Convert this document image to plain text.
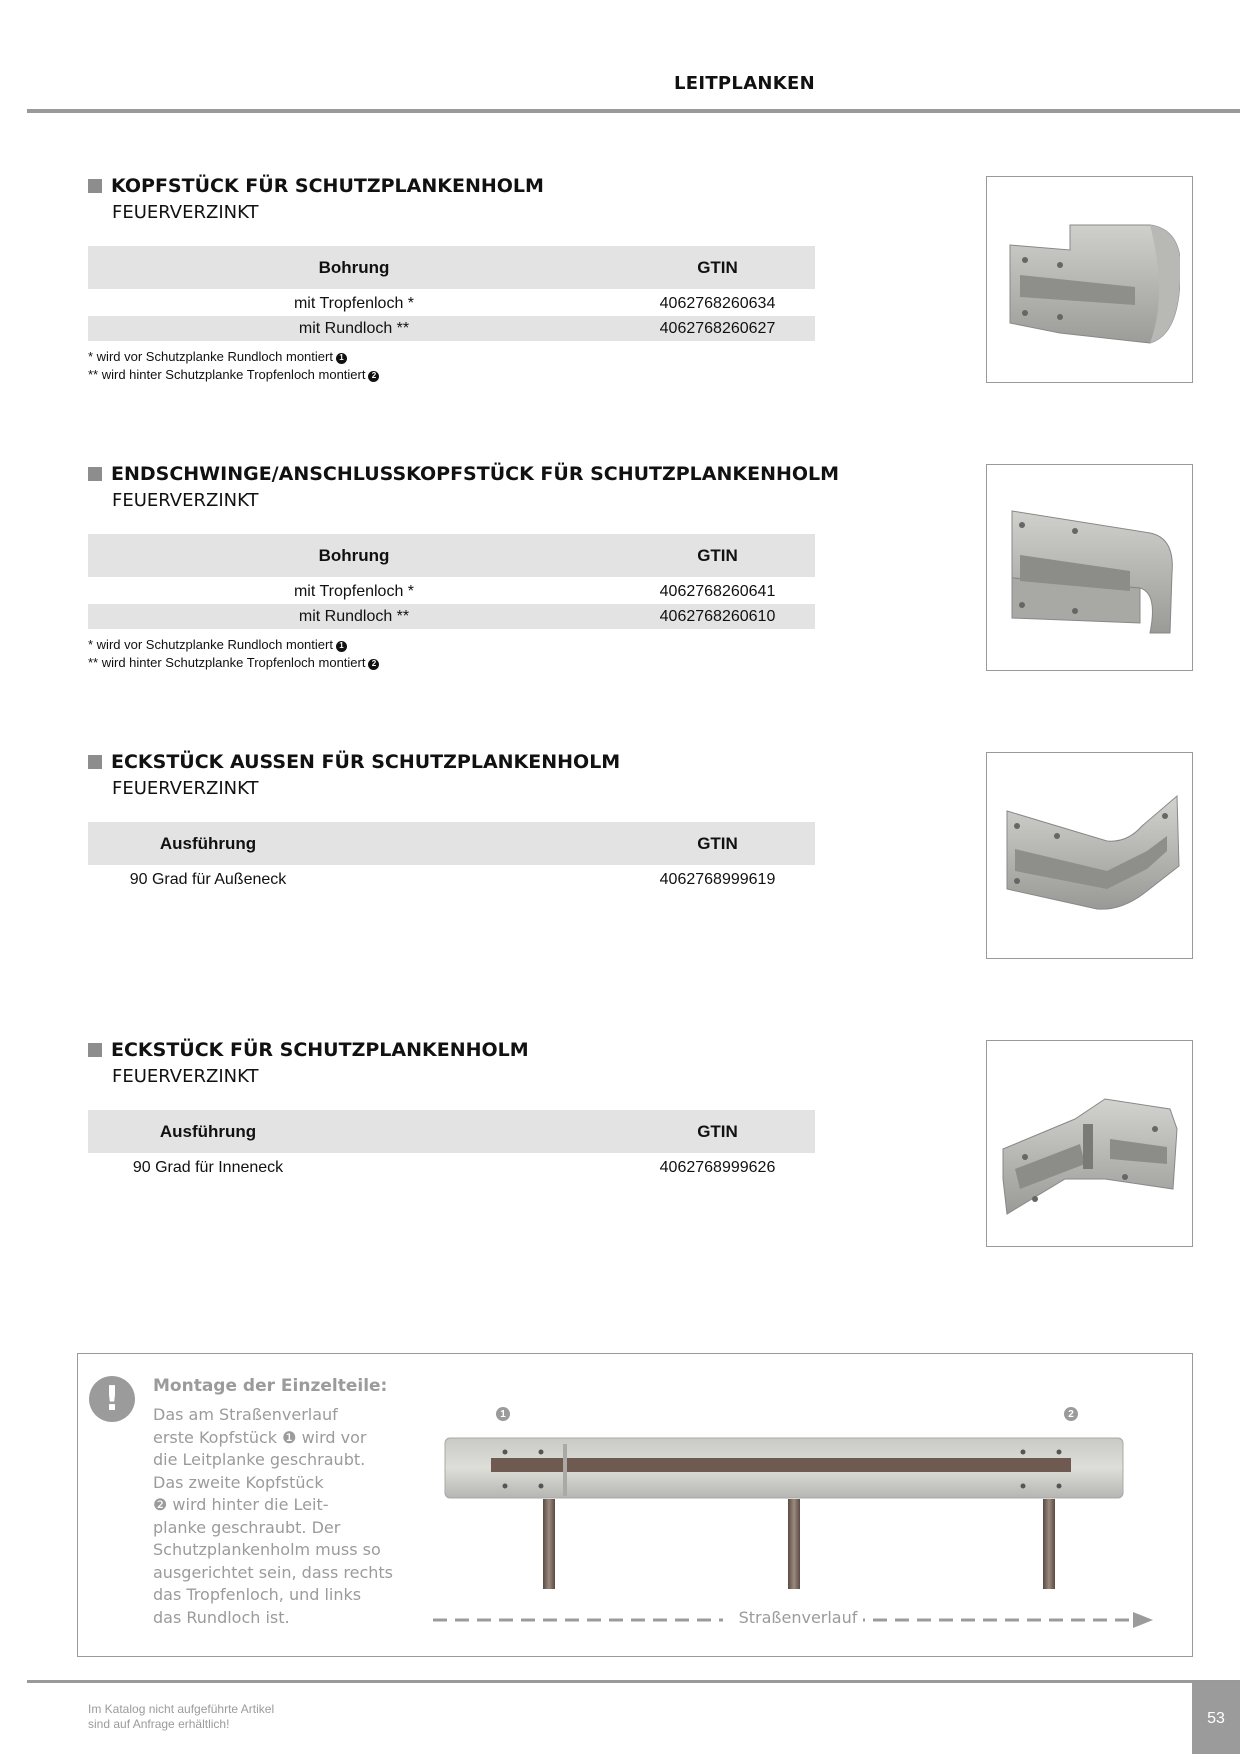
LEITPLANKEN
KOPFSTÜCK FÜR SCHUTZPLANKENHOLM
FEUERVERZINKT
Bohrung	GTIN
mit Tropfenloch *	4062768260634
mit Rundloch **	4062768260627
* wird vor Schutzplanke Rundloch montiert 1
** wird hinter Schutzplanke Tropfenloch montiert 2
ENDSCHWINGE/ANSCHLUSSKOPFSTÜCK FÜR SCHUTZPLANKENHOLM
FEUERVERZINKT
Bohrung	GTIN
mit Tropfenloch *	4062768260641
mit Rundloch **	4062768260610
* wird vor Schutzplanke Rundloch montiert 1
** wird hinter Schutzplanke Tropfenloch montiert 2
ECKSTÜCK AUSSEN FÜR SCHUTZPLANKENHOLM
FEUERVERZINKT
Ausführung	GTIN
90 Grad für Außeneck	4062768999619
ECKSTÜCK FÜR SCHUTZPLANKENHOLM
FEUERVERZINKT
Ausführung	GTIN
90 Grad für Inneneck	4062768999626
!	Montage der Einzelteile:
Das am Straßenverlauf
erste Kopfstück ❶ wird vor
die Leitplanke geschraubt.
Das zweite Kopfstück
❷ wird hinter die Leit-
planke geschraubt. Der
Schutzplankenholm muss so
ausgerichtet sein, dass rechts
das Tropfenloch, und links
das Rundloch ist.
1	2
Straßenverlauf
Im Katalog nicht aufgeführte Artikel
sind auf Anfrage erhältlich!	53
